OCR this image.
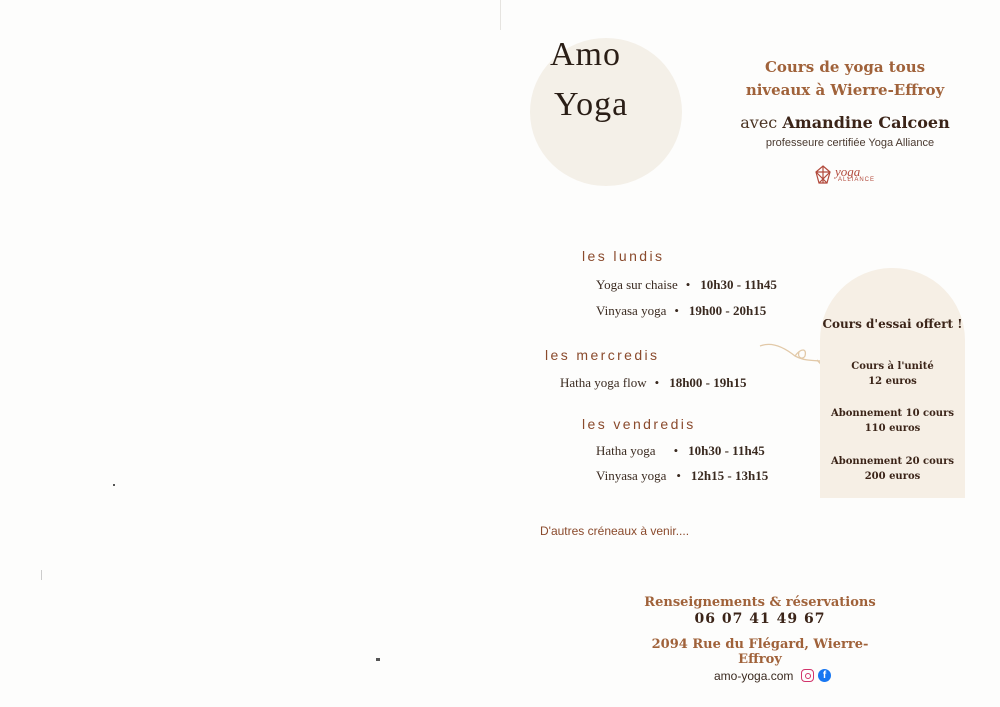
Amo
Yoga
Cours de yoga tous
niveaux à Wierre-Effroy
avec Amandine Calcoen
professeure certifiée Yoga Alliance
yoga
ALLIANCE
les lundis
Yoga sur chaise • 10h30 - 11h45
Vinyasa yoga • 19h00 - 20h15
les mercredis
Hatha yoga flow • 18h00 - 19h15
les vendredis
Hatha yoga • 10h30 - 11h45
Vinyasa yoga • 12h15 - 13h15
Cours d'essai offert !
Cours à l'unité
12 euros
Abonnement 10 cours
110 euros
Abonnement 20 cours
200 euros
D'autres créneaux à venir....
Renseignements & réservations
06 07 41 49 67
2094 Rue du Flégard, Wierre-Effroy
amo-yoga.com	f
